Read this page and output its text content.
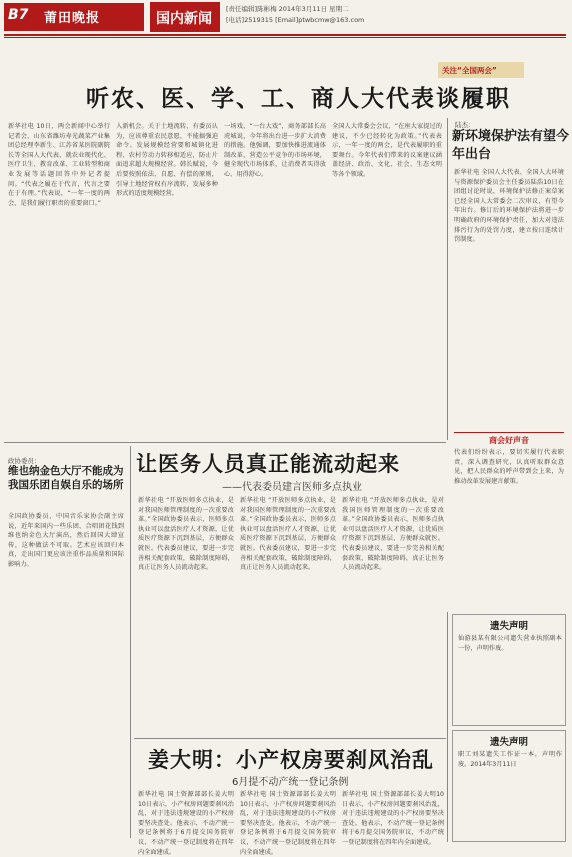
B7 莆田晚报	国内新闻
[责任编辑]陈彬梅 2014年3月11日 星期二
[电话]2519315 [Email]ptwbcmw@163.com
关注“全国两会”
听农、医、学、工、商人大代表谈履职
新华社电 10日，两会新闻中心举行记者会，山东省潍坊寿光蔬菜产业集团总经理李新生、江苏省某医院副院长等全国人大代表，就农业现代化、医疗卫生、教育改革、工业转型和商业发展等话题回答中外记者提问。“代表之履在于代言，代言之要在于有理。”代表说，“一年一度的两会，是我们履行职责的重要窗口。”
入新机会。关于土地流转，有委员认为，应该尊重农民意愿，不能搞强迫命令。发展规模经营要和城镇化进程、农村劳动力转移相适应，防止片面追求超大规模经营。韩长赋说，今后要按照依法、自愿、有偿的原则，引导土地经营权有序流转，发展多种形式的适度规模经营。
一场戏，“一台大戏”，商务部部长高虎城说，今年将出台进一步扩大消费的措施。他强调，要加快推进流通体制改革，营造公平竞争的市场环境，健全现代市场体系，让消费者买得放心、用得舒心。
全国人大常委会会议，“在座大家提过的建议，不少已经转化为政策。”代表表示，一年一度的两会，是代表履职的重要舞台。今年代表们带来的议案建议涵盖经济、政治、文化、社会、生态文明等各个领域。
陆杰：
新环境保护法有望今年出台
新华社电 全国人大代表、全国人大环境与资源保护委员会主任委员陆浩10日在团组讨论时说，环境保护法修正案草案已经全国人大常委会二次审议，有望今年出台。修订后的环境保护法将进一步明确政府的环境保护责任，加大对违法排污行为的处罚力度，建立按日连续计罚制度。
商会好声音
代表们纷纷表示，要切实履行代表职责，深入调查研究，认真听取群众意见，把人民群众的呼声带到会上来，为推动改革发展建言献策。
政协委员：
维也纳金色大厅不能成为我国乐团自娱自乐的场所
全国政协委员、中国音乐家协会副主席说，近年来国内一些乐团、合唱团花钱到维也纳金色大厅演出，然后回国大肆宣传，这种做法不可取。艺术应该回归本真，走出国门更应该注重作品质量和国际影响力。
让医务人员真正能流动起来
——代表委员建言医师多点执业
新华社电 “开放医师多点执业，是对我国医师管理制度的一次重要改革。”全国政协委员表示，医师多点执业可以盘活医疗人才资源，让优质医疗资源下沉到基层，方便群众就医。代表委员建议，要进一步完善相关配套政策，破除制度障碍，真正让医务人员流动起来。
新华社电 “开放医师多点执业，是对我国医师管理制度的一次重要改革。”全国政协委员表示，医师多点执业可以盘活医疗人才资源，让优质医疗资源下沉到基层，方便群众就医。代表委员建议，要进一步完善相关配套政策，破除制度障碍，真正让医务人员流动起来。
新华社电 “开放医师多点执业，是对我国医师管理制度的一次重要改革。”全国政协委员表示，医师多点执业可以盘活医疗人才资源，让优质医疗资源下沉到基层，方便群众就医。代表委员建议，要进一步完善相关配套政策，破除制度障碍，真正让医务人员流动起来。
姜大明：小产权房要刹风治乱
6月提不动产统一登记条例
新华社电 国土资源部部长姜大明10日表示，小产权房问题要刹风治乱，对于违法违规建设的小产权房要坚决查处。他表示，不动产统一登记条例将于6月提交国务院审议，不动产统一登记制度将在四年内全面建成。
新华社电 国土资源部部长姜大明10日表示，小产权房问题要刹风治乱，对于违法违规建设的小产权房要坚决查处。他表示，不动产统一登记条例将于6月提交国务院审议，不动产统一登记制度将在四年内全面建成。
新华社电 国土资源部部长姜大明10日表示，小产权房问题要刹风治乱，对于违法违规建设的小产权房要坚决查处。他表示，不动产统一登记条例将于6月提交国务院审议，不动产统一登记制度将在四年内全面建成。
遗失声明
仙游县某有限公司遗失营业执照副本一份，声明作废。
遗失声明
职工刘某遗失工作证一本，声明作废。2014年3月11日
